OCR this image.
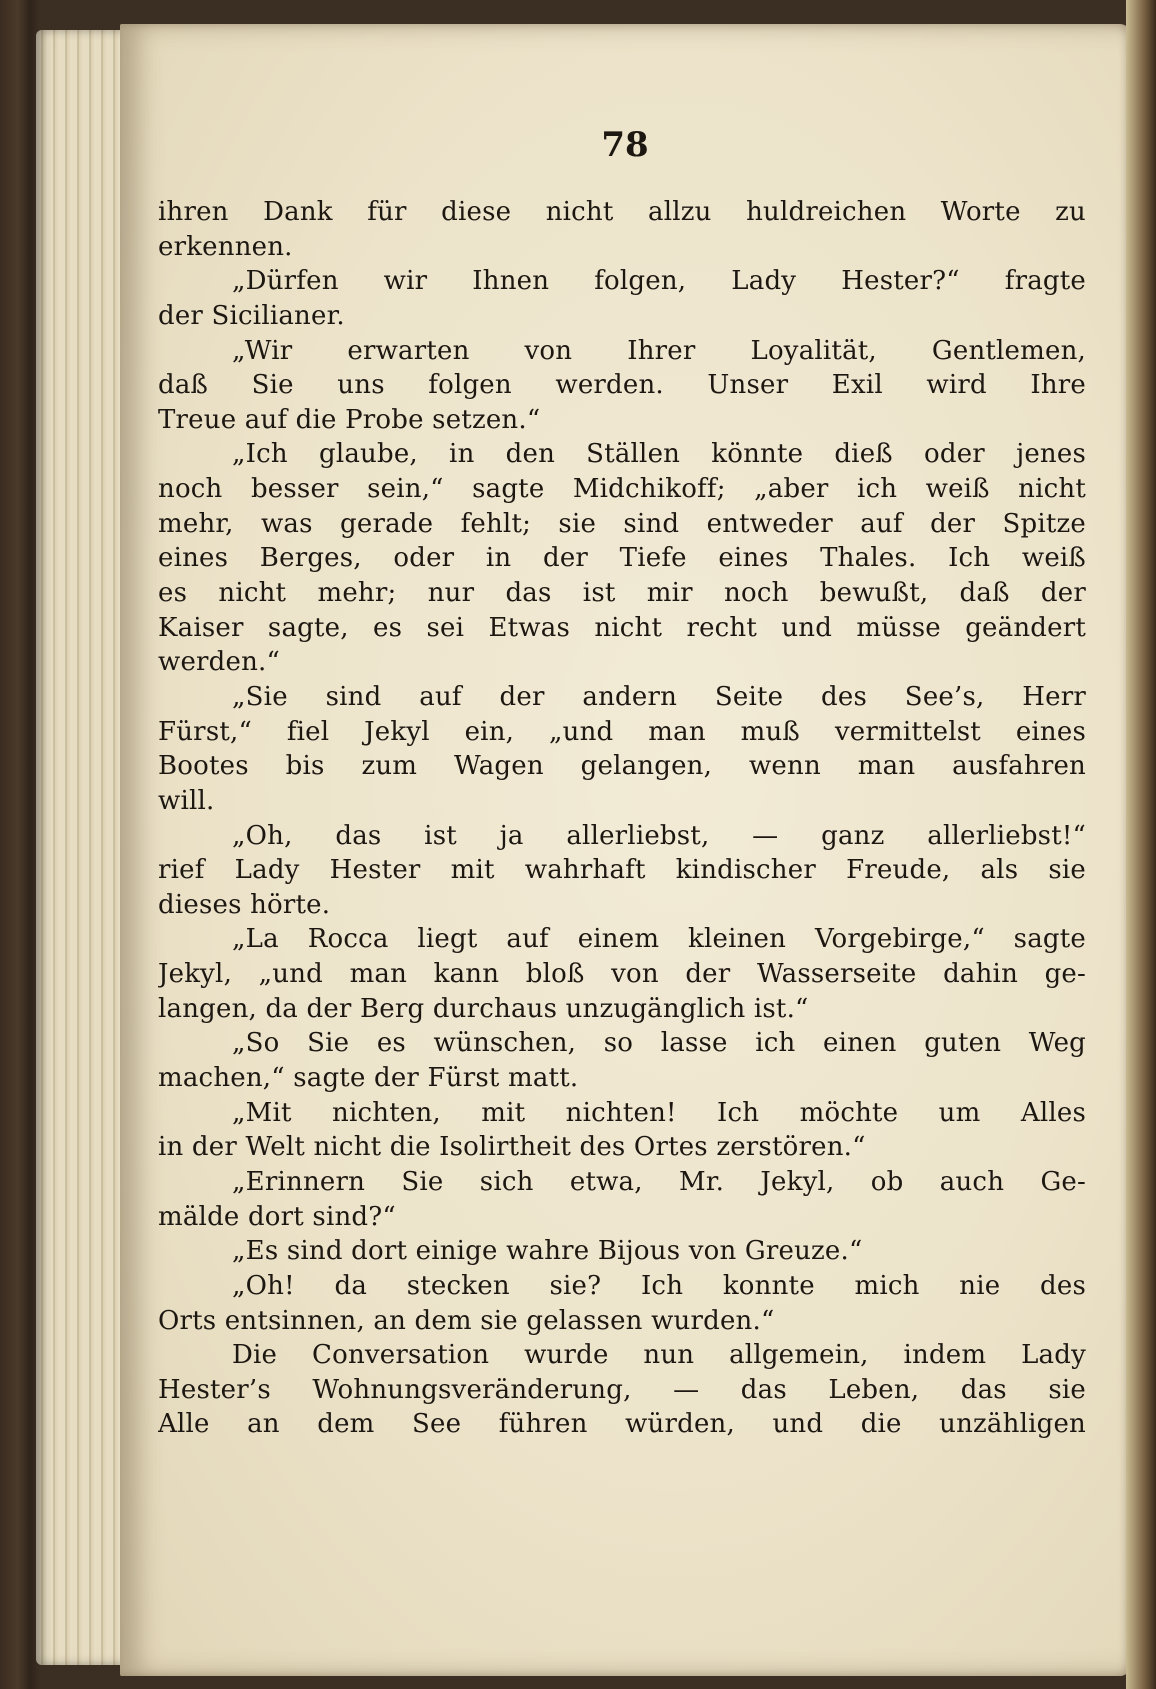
78
ihren Dank für diese nicht allzu huldreichen Worte zu
erkennen.
„Dürfen wir Ihnen folgen, Lady Hester?“ fragte
der Sicilianer.
„Wir erwarten von Ihrer Loyalität, Gentlemen,
daß Sie uns folgen werden. Unser Exil wird Ihre
Treue auf die Probe setzen.“
„Ich glaube, in den Ställen könnte dieß oder jenes
noch besser sein,“ sagte Midchikoff; „aber ich weiß nicht
mehr, was gerade fehlt; sie sind entweder auf der Spitze
eines Berges, oder in der Tiefe eines Thales. Ich weiß
es nicht mehr; nur das ist mir noch bewußt, daß der
Kaiser sagte, es sei Etwas nicht recht und müsse geändert
werden.“
„Sie sind auf der andern Seite des See’s, Herr
Fürst,“ fiel Jekyl ein, „und man muß vermittelst eines
Bootes bis zum Wagen gelangen, wenn man ausfahren
will.
„Oh, das ist ja allerliebst, — ganz allerliebst!“
rief Lady Hester mit wahrhaft kindischer Freude, als sie
dieses hörte.
„La Rocca liegt auf einem kleinen Vorgebirge,“ sagte
Jekyl, „und man kann bloß von der Wasserseite dahin ge-
langen, da der Berg durchaus unzugänglich ist.“
„So Sie es wünschen, so lasse ich einen guten Weg
machen,“ sagte der Fürst matt.
„Mit nichten, mit nichten! Ich möchte um Alles
in der Welt nicht die Isolirtheit des Ortes zerstören.“
„Erinnern Sie sich etwa, Mr. Jekyl, ob auch Ge-
mälde dort sind?“
„Es sind dort einige wahre Bijous von Greuze.“
„Oh! da stecken sie? Ich konnte mich nie des
Orts entsinnen, an dem sie gelassen wurden.“
Die Conversation wurde nun allgemein, indem Lady
Hester’s Wohnungsveränderung, — das Leben, das sie
Alle an dem See führen würden, und die unzähligen
